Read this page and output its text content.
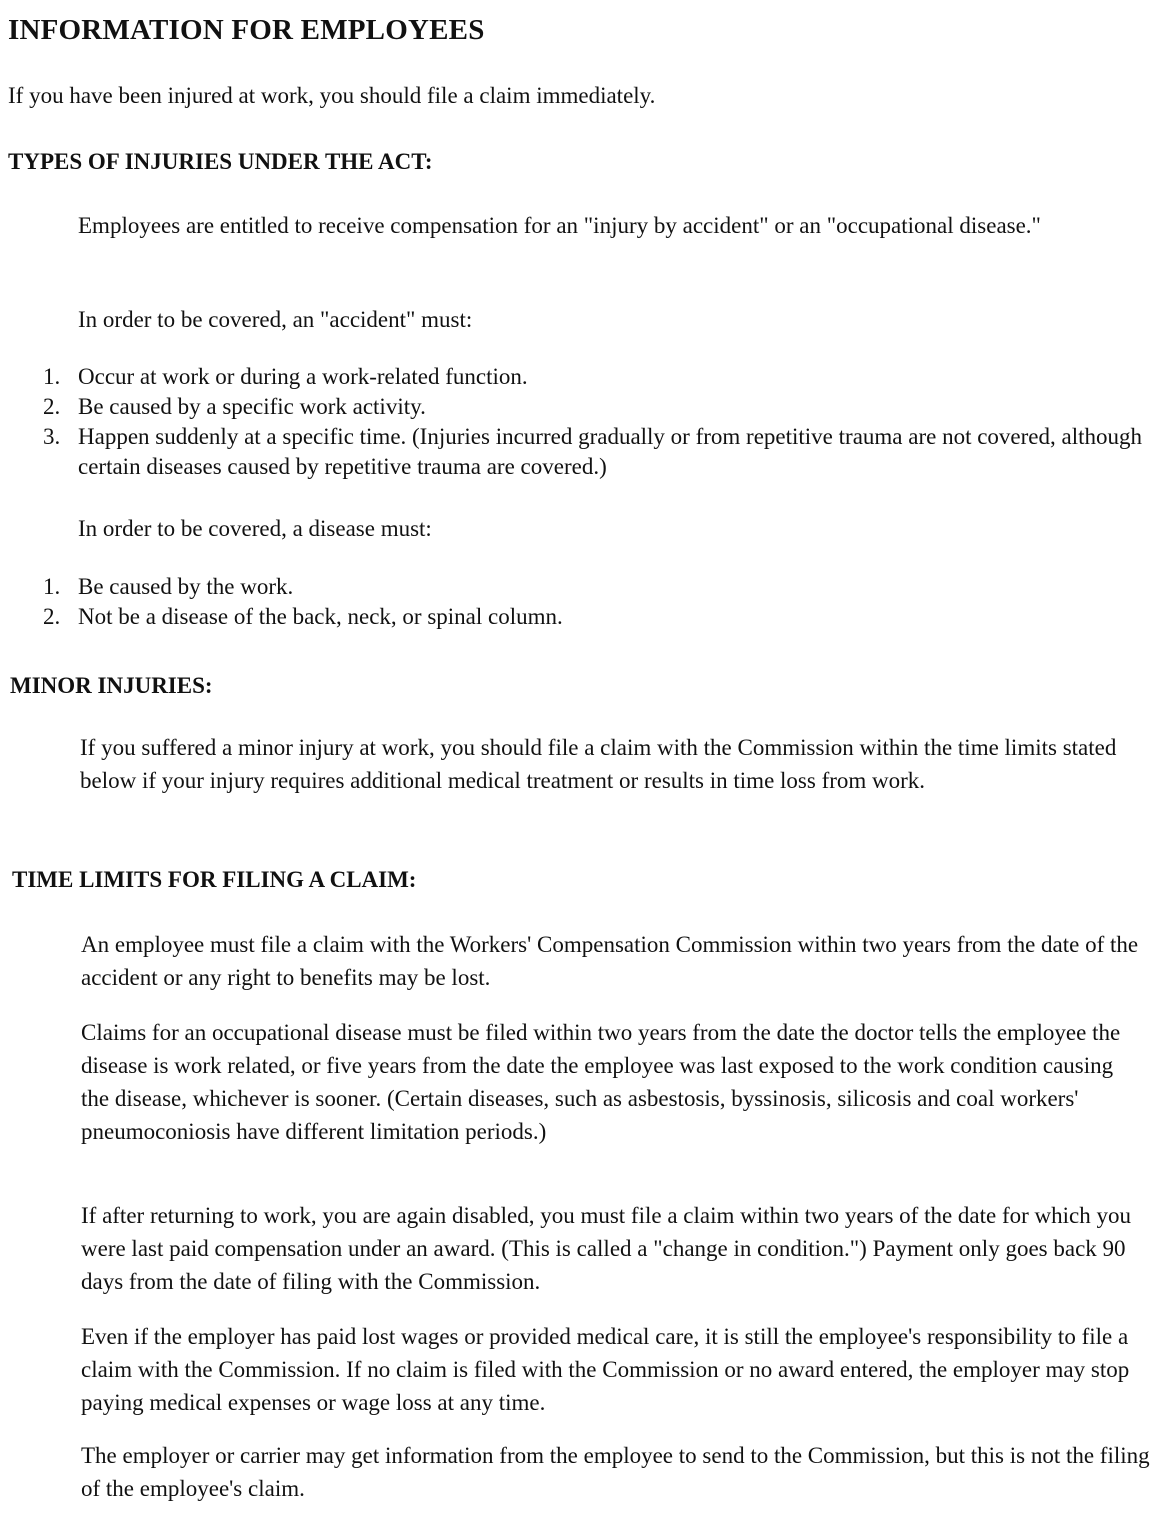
INFORMATION FOR EMPLOYEES

If you have been injured at work, you should file a claim immediately.

TYPES OF INJURIES UNDER THE ACT:

Employees are entitled to receive compensation for an "injury by accident" or an "occupational disease."

In order to be covered, an "accident" must:

1. Occur at work or during a work-related function.
2. Be caused by a specific work activity.
3. Happen suddenly at a specific time. (Injuries incurred gradually or from repetitive trauma are not covered, although certain diseases caused by repetitive trauma are covered.)

In order to be covered, a disease must:

1. Be caused by the work.
2. Not be a disease of the back, neck, or spinal column.
MINOR INJURIES:

If you suffered a minor injury at work, you should file a claim with the Commission within the time limits stated below if your injury requires additional medical treatment or results in time loss from work.

TIME LIMITS FOR FILING A CLAIM:

An employee must file a claim with the Workers' Compensation Commission within two years from the date of the accident or any right to benefits may be lost.

Claims for an occupational disease must be filed within two years from the date the doctor tells the employee the disease is work related, or five years from the date the employee was last exposed to the work condition causing the disease, whichever is sooner. (Certain diseases, such as asbestosis, byssinosis, silicosis and coal workers' pneumoconiosis have different limitation periods.)

If after returning to work, you are again disabled, you must file a claim within two years of the date for which you were last paid compensation under an award. (This is called a "change in condition.") Payment only goes back 90 days from the date of filing with the Commission.

Even if the employer has paid lost wages or provided medical care, it is still the employee's responsibility to file a claim with the Commission. If no claim is filed with the Commission or no award entered, the employer may stop paying medical expenses or wage loss at any time.

The employer or carrier may get information from the employee to send to the Commission, but this is not the filing of the employee's claim.
